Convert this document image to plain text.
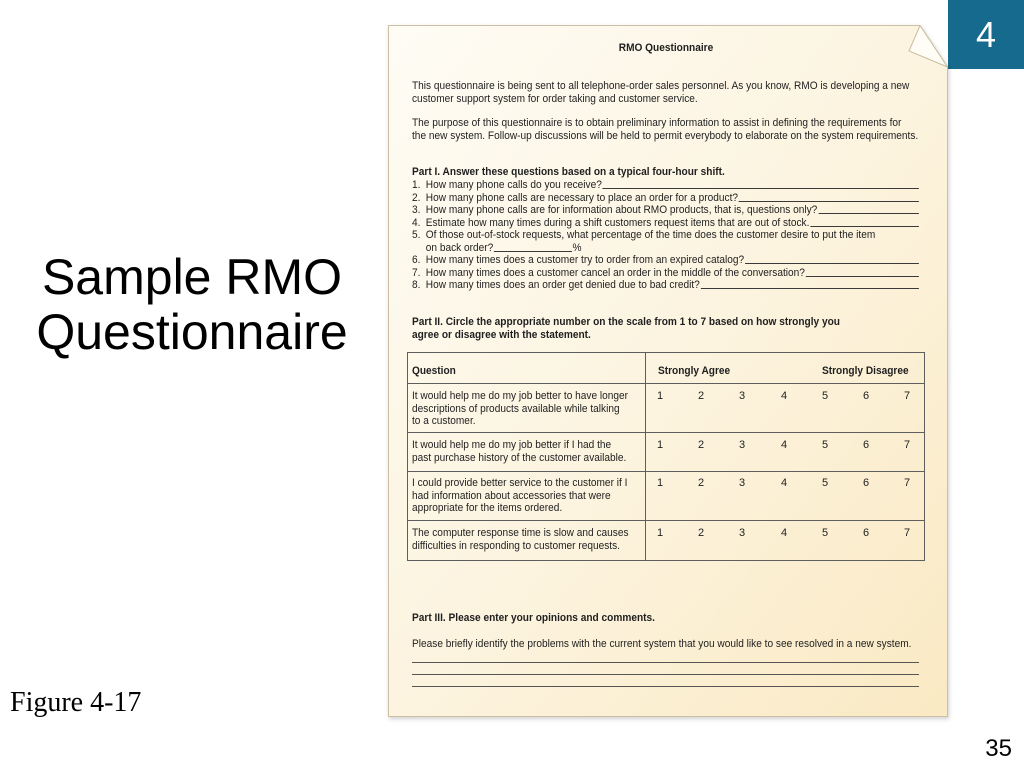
Sample RMO
Questionnaire
Figure 4-17
35
4
RMO Questionnaire
This questionnaire is being sent to all telephone-order sales personnel. As you know, RMO is developing a new
customer support system for order taking and customer service.
The purpose of this questionnaire is to obtain preliminary information to assist in defining the requirements for
the new system. Follow-up discussions will be held to permit everybody to elaborate on the system requirements.
Part I. Answer these questions based on a typical four-hour shift.
1. How many phone calls do you receive?
2. How many phone calls are necessary to place an order for a product?
3. How many phone calls are for information about RMO products, that is, questions only?
4. Estimate how many times during a shift customers request items that are out of stock.
5. Of those out-of-stock requests, what percentage of the time does the customer desire to put the item
on back order?	%
6. How many times does a customer try to order from an expired catalog?
7. How many times does a customer cancel an order in the middle of the conversation?
8. How many times does an order get denied due to bad credit?
Part II. Circle the appropriate number on the scale from 1 to 7 based on how strongly you
agree or disagree with the statement.
Question	Strongly Agree	Strongly Disagree
It would help me do my job better to have longer
descriptions of products available while talking
to a customer.
1	2	3	4	5	6	7
It would help me do my job better if I had the
past purchase history of the customer available.
1	2	3	4	5	6	7
I could provide better service to the customer if I
had information about accessories that were
appropriate for the items ordered.
1	2	3	4	5	6	7
The computer response time is slow and causes
difficulties in responding to customer requests.
1	2	3	4	5	6	7
Part III. Please enter your opinions and comments.
Please briefly identify the problems with the current system that you would like to see resolved in a new system.
